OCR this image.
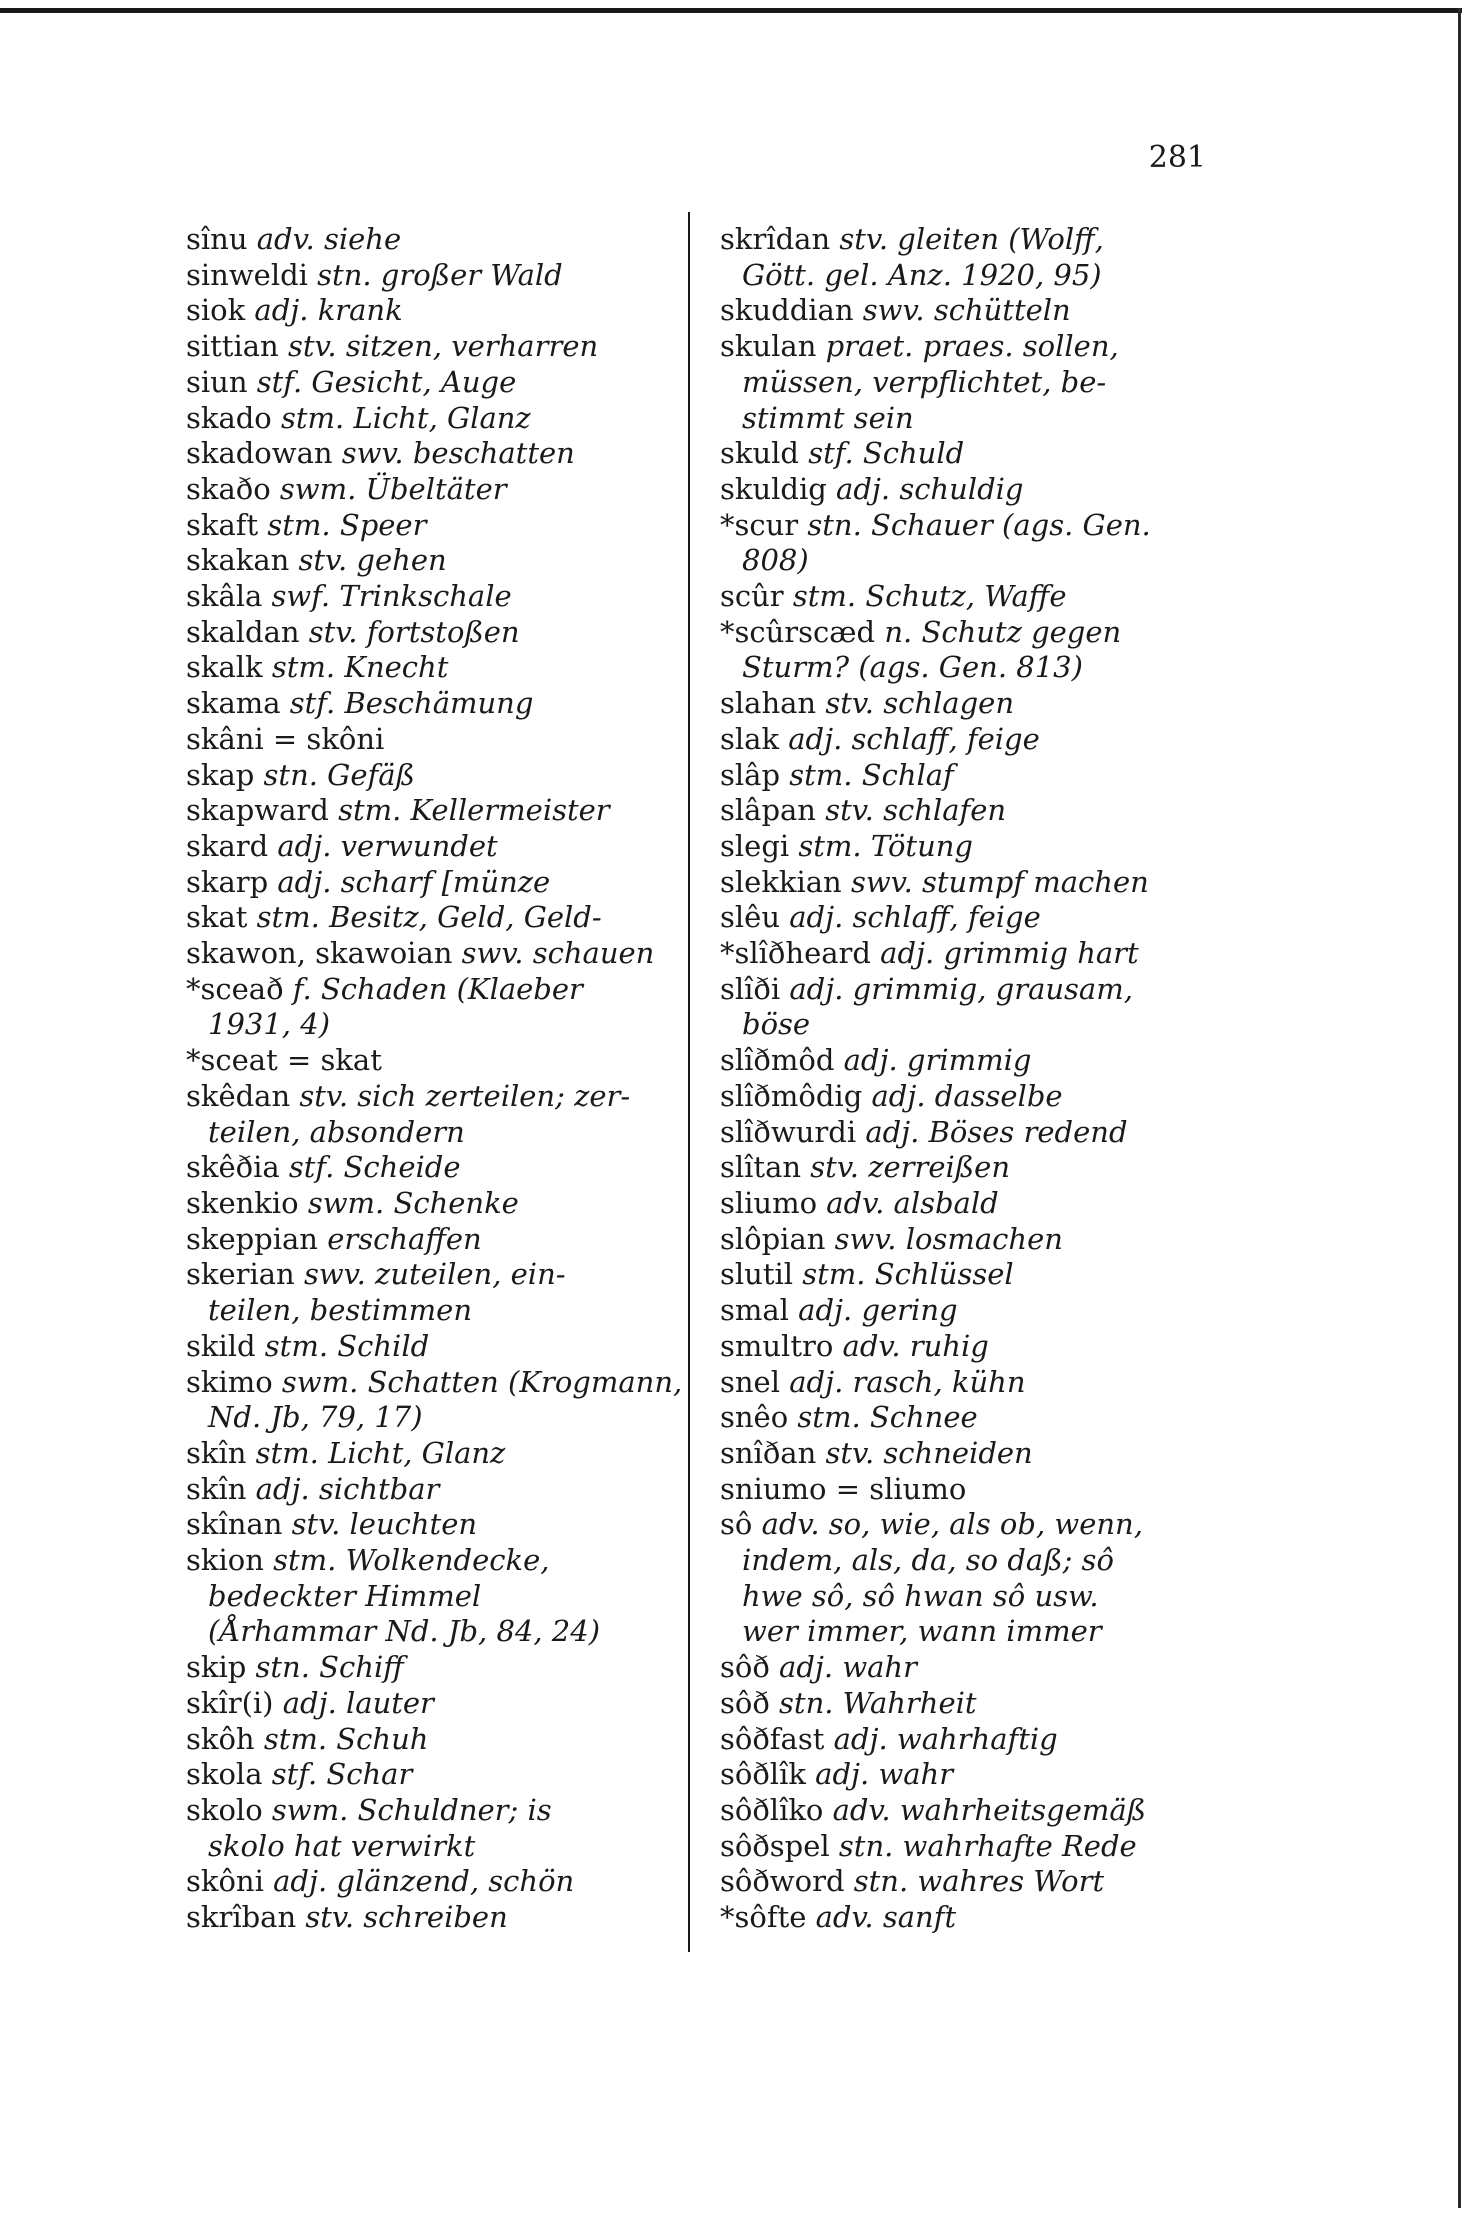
281

sînu adv. siehe

sinweldi stn. großer Wald

siok adj. krank

sittian stv. sitzen, verharren

siun stf. Gesicht, Auge

skado stm. Licht, Glanz

skadowan swv. beschatten

skaðo swm. Übeltäter

skaft stm. Speer

skakan stv. gehen

skâla swf. Trinkschale

skaldan stv. fortstoßen

skalk stm. Knecht

skama stf. Beschämung

skâni = skôni

skap stn. Gefäß

skapward stm. Kellermeister

skard adj. verwundet

skarp adj. scharf [münze

skat stm. Besitz, Geld, Geld-

skawon, skawoian swv. schauen

*sceað f. Schaden (Klaeber
1931, 4)

*sceat = skat

skêdan stv. sich zerteilen; zer-
teilen, absondern

skêðia stf. Scheide

skenkio swm. Schenke

skeppian erschaffen

skerian swv. zuteilen, ein-
teilen, bestimmen

skild stm. Schild

skimo swm. Schatten (Krogmann,
Nd. Jb, 79, 17)

skîn stm. Licht, Glanz

skîn adj. sichtbar

skînan stv. leuchten

skion stm. Wolkendecke,
bedeckter Himmel
(Århammar Nd. Jb, 84, 24)

skip stn. Schiff

skîr(i) adj. lauter

skôh stm. Schuh

skola stf. Schar

skolo swm. Schuldner; is
skolo hat verwirkt

skôni adj. glänzend, schön

skrîban stv. schreiben

skrîdan stv. gleiten (Wolff,
Gött. gel. Anz. 1920, 95)

skuddian swv. schütteln

skulan praet. praes. sollen,
müssen, verpflichtet, be-
stimmt sein

skuld stf. Schuld

skuldig adj. schuldig

*scur stn. Schauer (ags. Gen.
808)

scûr stm. Schutz, Waffe

*scûrscæd n. Schutz gegen
Sturm? (ags. Gen. 813)

slahan stv. schlagen

slak adj. schlaff, feige

slâp stm. Schlaf

slâpan stv. schlafen

slegi stm. Tötung

slekkian swv. stumpf machen

slêu adj. schlaff, feige

*slîðheard adj. grimmig hart

slîði adj. grimmig, grausam,
böse

slîðmôd adj. grimmig

slîðmôdig adj. dasselbe

slîðwurdi adj. Böses redend

slîtan stv. zerreißen

sliumo adv. alsbald

slôpian swv. losmachen

slutil stm. Schlüssel

smal adj. gering

smultro adv. ruhig

snel adj. rasch, kühn

snêo stm. Schnee

snîðan stv. schneiden

sniumo = sliumo

sô adv. so, wie, als ob, wenn,
indem, als, da, so daß; sô
hwe sô, sô hwan sô usw.
wer immer, wann immer

sôð adj. wahr

sôð stn. Wahrheit

sôðfast adj. wahrhaftig

sôðlîk adj. wahr

sôðlîko adv. wahrheitsgemäß

sôðspel stn. wahrhafte Rede

sôðword stn. wahres Wort

*sôfte adv. sanft
